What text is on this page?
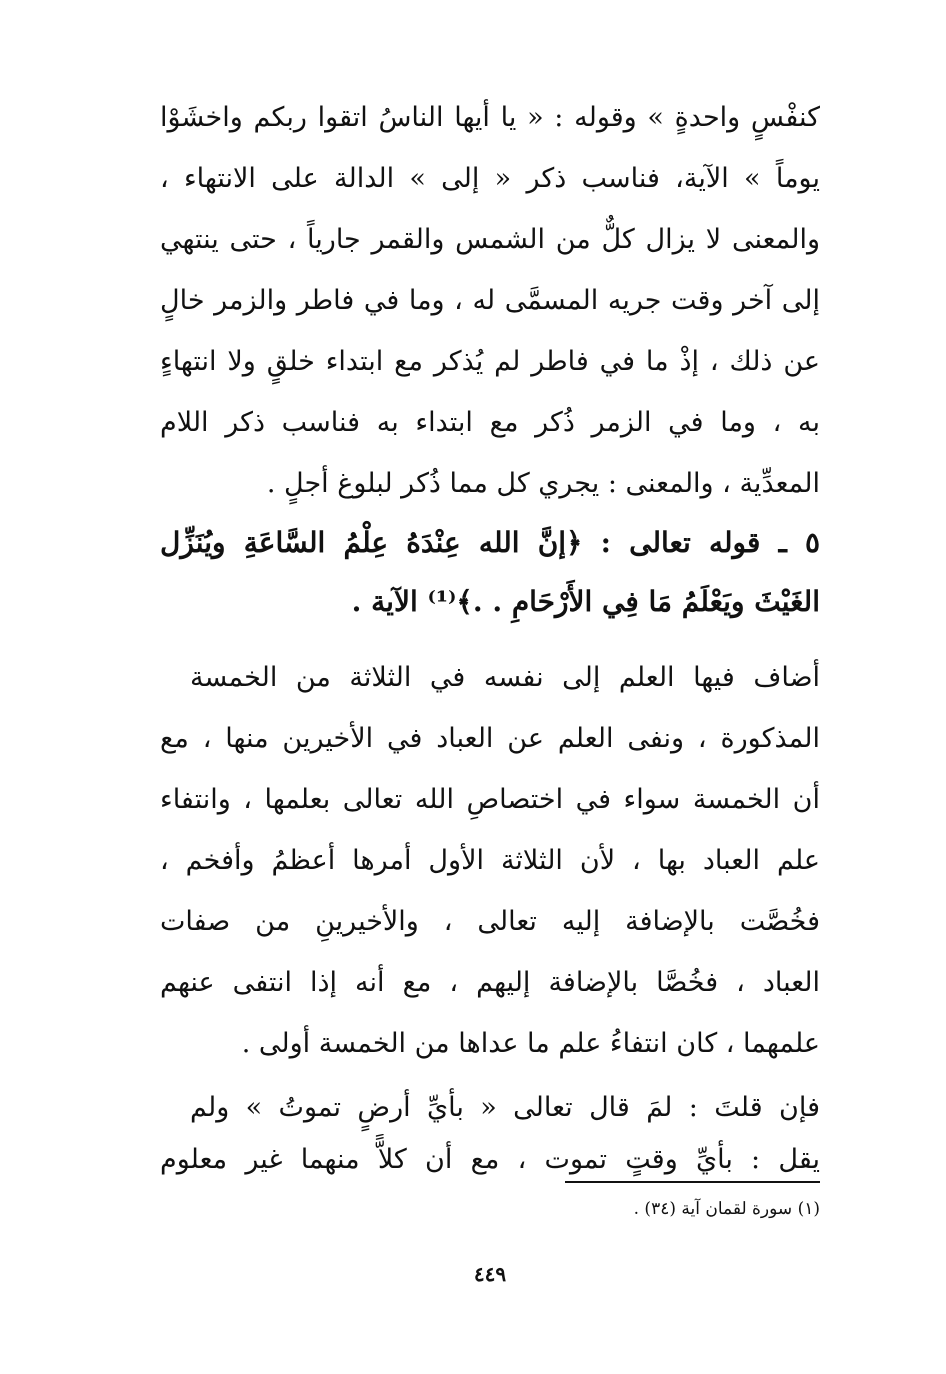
كنفْسٍ واحدةٍ » وقوله : « يا أيها الناسُ اتقوا ربكم واخشَوْا
يوماً » الآية، فناسب ذكر « إلى » الدالة على الانتهاء ،
والمعنى لا يزال كلٌّ من الشمس والقمر جارياً ، حتى ينتهي
إلى آخر وقت جريه المسمَّى له ، وما في فاطر والزمر خالٍ
عن ذلك ، إذْ ما في فاطر لم يُذكر مع ابتداء خلقٍ ولا انتهاءٍ
به ، وما في الزمر ذُكر مع ابتداء به فناسب ذكر اللام
المعدِّية ، والمعنى : يجري كل مما ذُكر لبلوغ أجلٍ .
٥ ـ قوله تعالى : ﴿إنَّ الله عِنْدَهُ عِلْمُ السَّاعَةِ ويُنَزِّل
الغَيْثَ ويَعْلَمُ مَا فِي الأَرْحَامِ . .﴾⁽¹⁾ الآية .
أضاف فيها العلم إلى نفسه في الثلاثة من الخمسة
المذكورة ، ونفى العلم عن العباد في الأخيرين منها ، مع
أن الخمسة سواء في اختصاصِ الله تعالى بعلمها ، وانتفاء
علم العباد بها ، لأن الثلاثة الأول أمرها أعظمُ وأفخم ،
فخُصَّت بالإضافة إليه تعالى ، والأخيرينِ من صفات
العباد ، فخُصَّا بالإضافة إليهم ، مع أنه إذا انتفى عنهم
علمهما ، كان انتفاءُ علم ما عداها من الخمسة أولى .
فإن قلتَ : لمَ قال تعالى « بأيِّ أرضٍ تموتُ » ولم
يقل : بأيِّ وقتٍ تموت ، مع أن كلاًّ منهما غير معلوم
(١) سورة لقمان آية (٣٤) .
٤٤٩
